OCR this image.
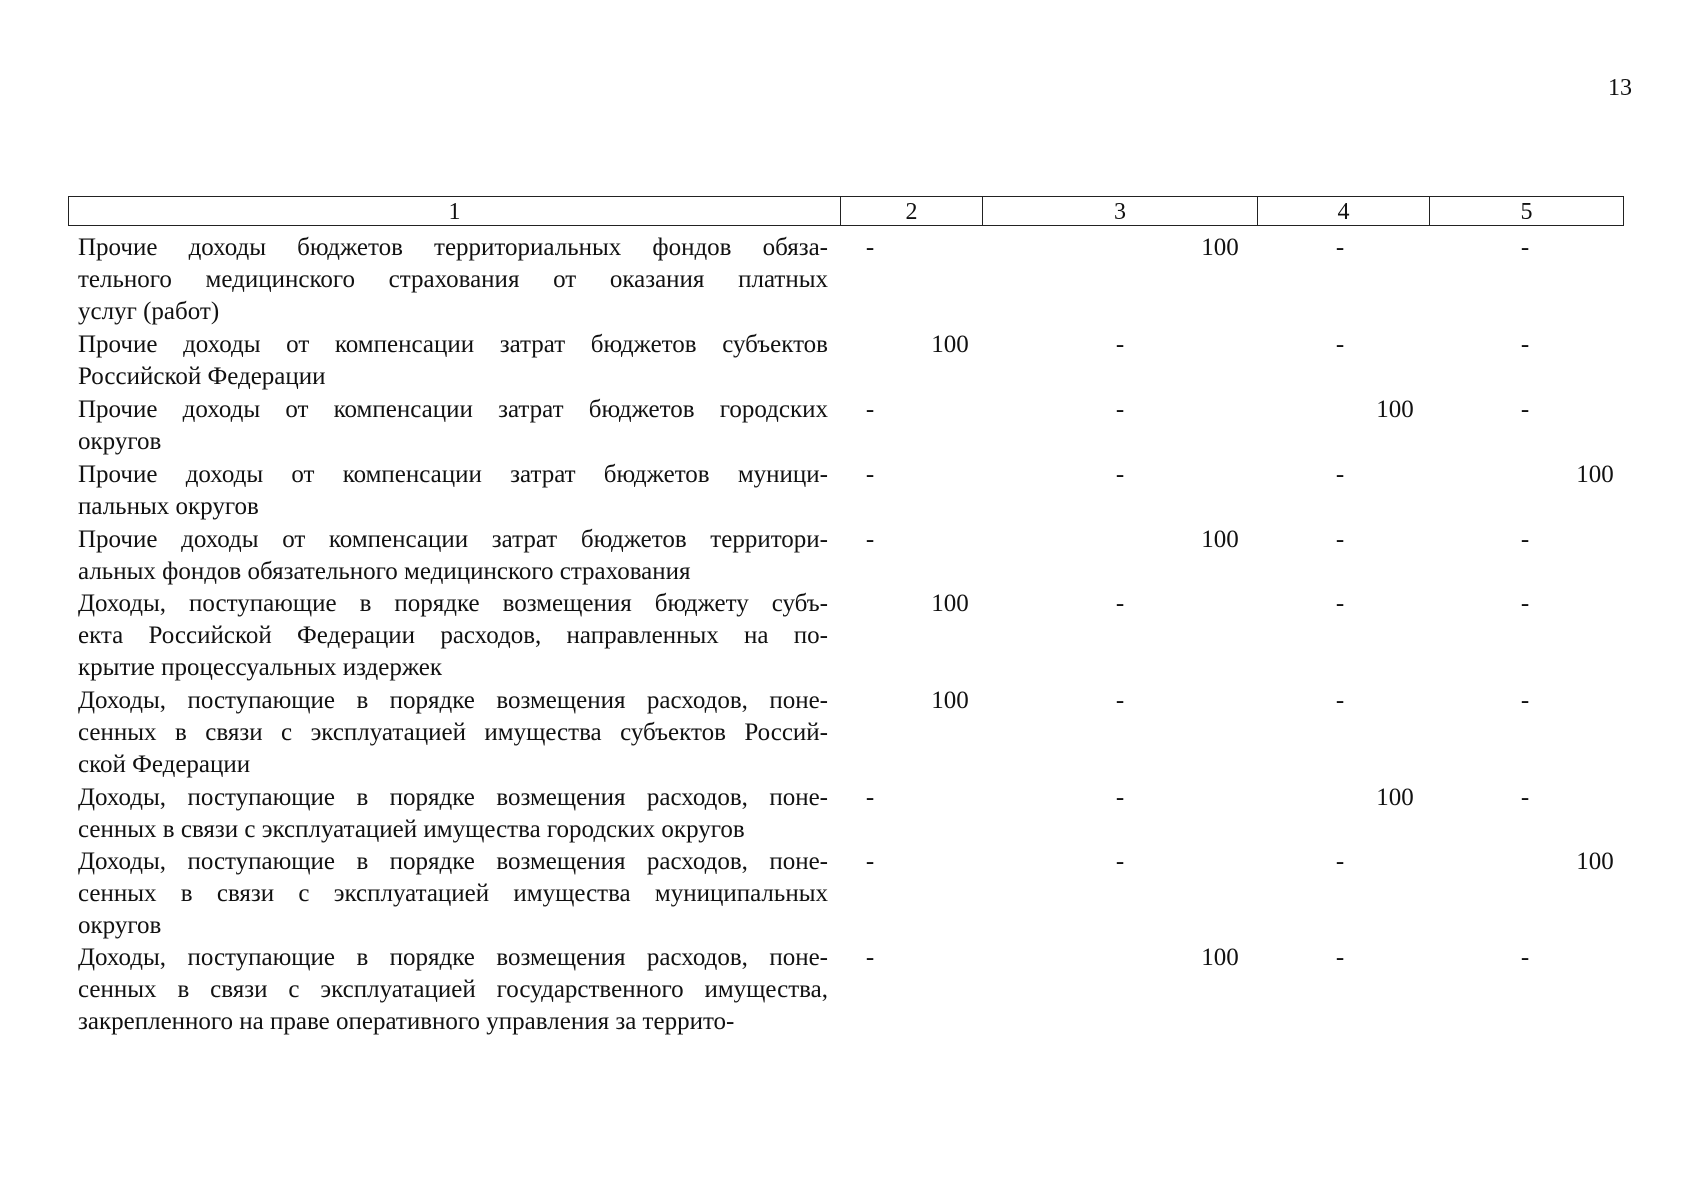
13
1	2	3	4	5
Прочие доходы бюджетов территориальных фондов обяза-
тельного медицинского страхования от оказания платных
услуг (работ)
-	100	-	-
Прочие доходы от компенсации затрат бюджетов субъектов
Российской Федерации
100	-	-	-
Прочие доходы от компенсации затрат бюджетов городских
округов
-	-	100	-
Прочие доходы от компенсации затрат бюджетов муници-
пальных округов
-	-	-	100
Прочие доходы от компенсации затрат бюджетов территори-
альных фондов обязательного медицинского страхования
-	100	-	-
Доходы, поступающие в порядке возмещения бюджету субъ-
екта Российской Федерации расходов, направленных на по-
крытие процессуальных издержек
100	-	-	-
Доходы, поступающие в порядке возмещения расходов, поне-
сенных в связи с эксплуатацией имущества субъектов Россий-
ской Федерации
100	-	-	-
Доходы, поступающие в порядке возмещения расходов, поне-
сенных в связи с эксплуатацией имущества городских округов
-	-	100	-
Доходы, поступающие в порядке возмещения расходов, поне-
сенных в связи с эксплуатацией имущества муниципальных
округов
-	-	-	100
Доходы, поступающие в порядке возмещения расходов, поне-
сенных в связи с эксплуатацией государственного имущества,
закрепленного на праве оперативного управления за террито-
-	100	-	-
